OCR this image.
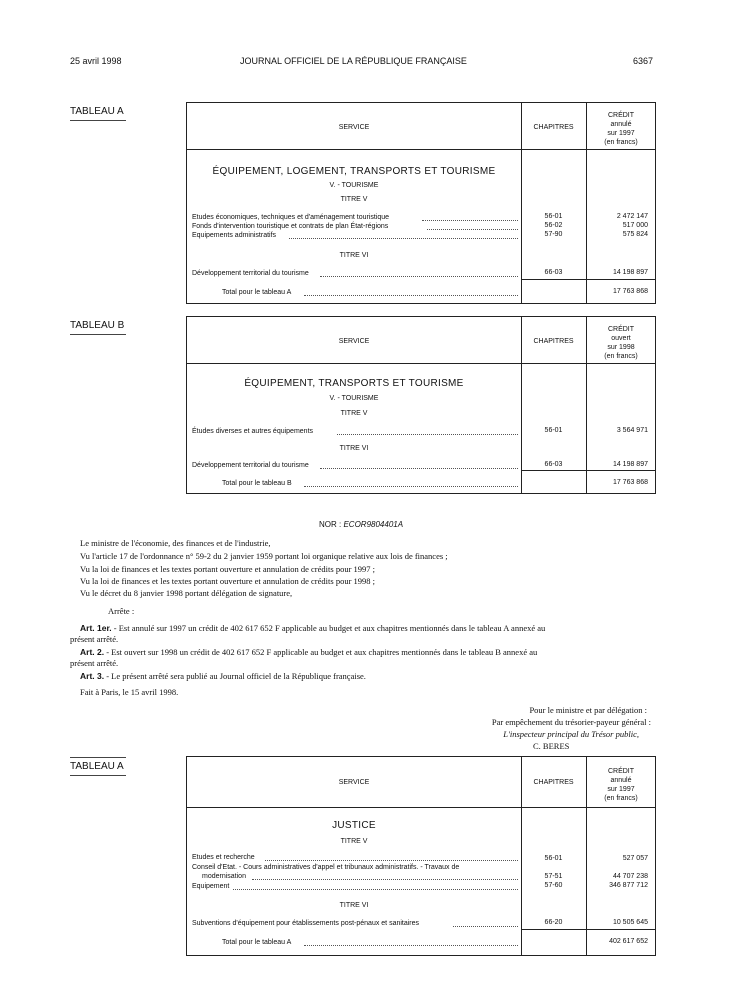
25 avril 1998	JOURNAL OFFICIEL DE LA RÉPUBLIQUE FRANÇAISE	6367
TABLEAU A
SERVICE	CHAPITRES
CRÉDIT
annulé
sur 1997
(en francs)
ÉQUIPEMENT, LOGEMENT, TRANSPORTS ET TOURISME
V. - TOURISME
TITRE V
Etudes économiques, techniques et d'aménagement touristique	56-01	2 472 147
Fonds d'intervention touristique et contrats de plan État-régions	56-02	517 000
Equipements administratifs	57-90	575 824
TITRE VI
Développement territorial du tourisme	66-03	14 198 897
Total pour le tableau A	17 763 868
TABLEAU B
SERVICE	CHAPITRES
CRÉDIT
ouvert
sur 1998
(en francs)
ÉQUIPEMENT, TRANSPORTS ET TOURISME
V. - TOURISME
TITRE V
Études diverses et autres équipements	56-01	3 564 971
TITRE VI
Développement territorial du tourisme	66-03	14 198 897
Total pour le tableau B	17 763 868
NOR : ECOR9804401A
Le ministre de l'économie, des finances et de l'industrie,
Vu l'article 17 de l'ordonnance n° 59-2 du 2 janvier 1959 portant loi organique relative aux lois de finances ;
Vu la loi de finances et les textes portant ouverture et annulation de crédits pour 1997 ;
Vu la loi de finances et les textes portant ouverture et annulation de crédits pour 1998 ;
Vu le décret du 8 janvier 1998 portant délégation de signature,
Arrête :
Art. 1er. - Est annulé sur 1997 un crédit de 402 617 652 F applicable au budget et aux chapitres mentionnés dans le tableau A annexé au
présent arrêté.
Art. 2. - Est ouvert sur 1998 un crédit de 402 617 652 F applicable au budget et aux chapitres mentionnés dans le tableau B annexé au
présent arrêté.
Art. 3. - Le présent arrêté sera publié au Journal officiel de la République française.
Fait à Paris, le 15 avril 1998.
Pour le ministre et par délégation :
Par empêchement du trésorier-payeur général :
L'inspecteur principal du Trésor public,
C. BERES
TABLEAU A
SERVICE	CHAPITRES
CRÉDIT
annulé
sur 1997
(en francs)
JUSTICE
TITRE V
Etudes et recherche	56-01	527 057
Conseil d'Etat. - Cours administratives d'appel et tribunaux administratifs. - Travaux de
modernisation	57-51	44 707 238
Equipement	57-60	346 877 712
TITRE VI
Subventions d'équipement pour établissements post-pénaux et sanitaires	66-20	10 505 645
Total pour le tableau A	402 617 652
